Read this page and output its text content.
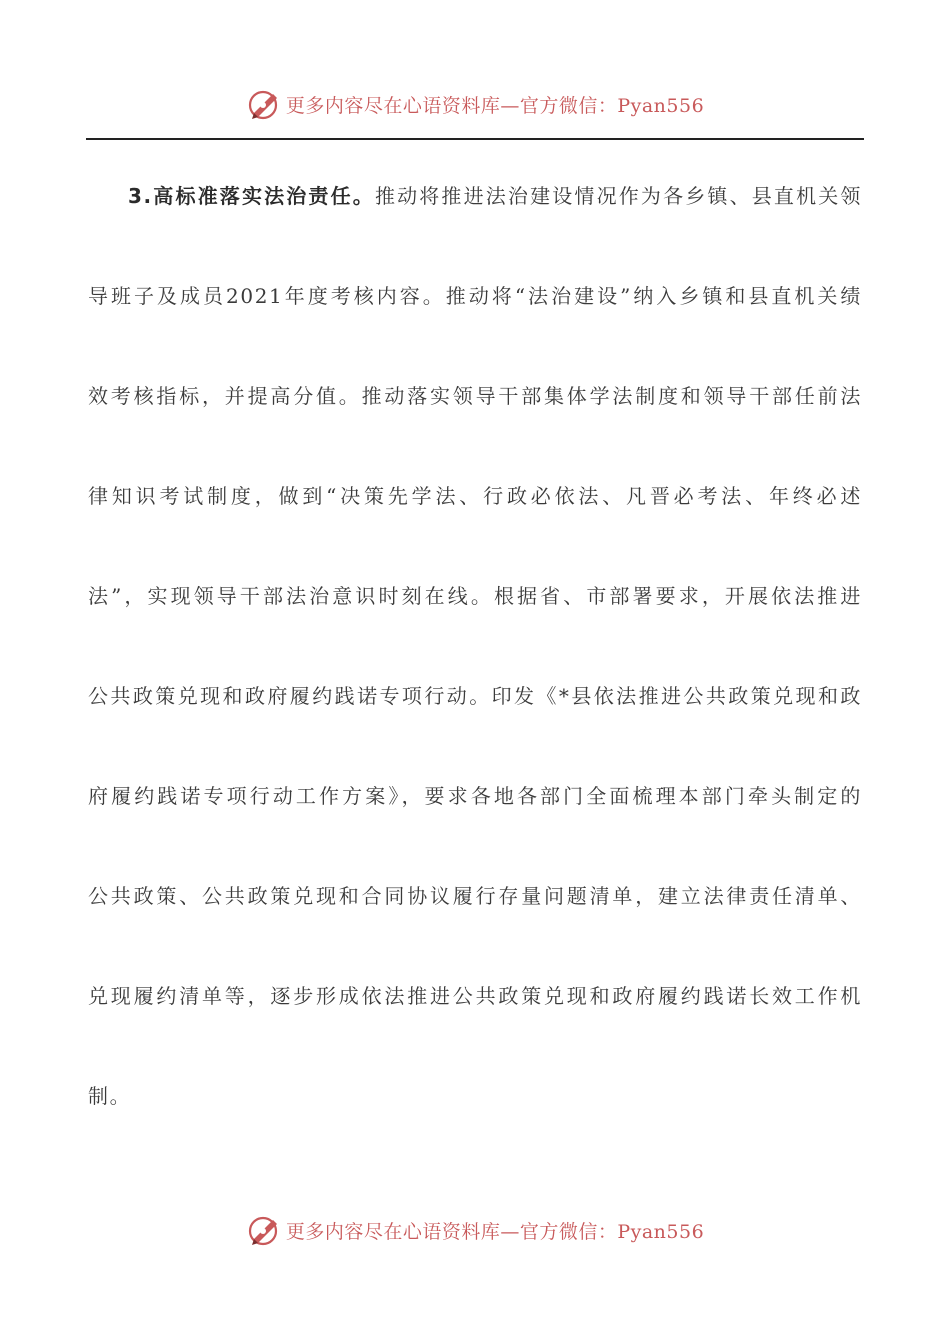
更多内容尽在心语资料库—官方微信：Pyan556
3.高标准落实法治责任。推动将推进法治建设情况作为各乡镇、县直机关领
导班子及成员2021年度考核内容。推动将“法治建设”纳入乡镇和县直机关绩
效考核指标，并提高分值。推动落实领导干部集体学法制度和领导干部任前法
律知识考试制度，做到“决策先学法、行政必依法、凡晋必考法、年终必述
法”，实现领导干部法治意识时刻在线。根据省、市部署要求，开展依法推进
公共政策兑现和政府履约践诺专项行动。印发《*县依法推进公共政策兑现和政
府履约践诺专项行动工作方案》，要求各地各部门全面梳理本部门牵头制定的
公共政策、公共政策兑现和合同协议履行存量问题清单，建立法律责任清单、
兑现履约清单等，逐步形成依法推进公共政策兑现和政府履约践诺长效工作机
制。
更多内容尽在心语资料库—官方微信：Pyan556
